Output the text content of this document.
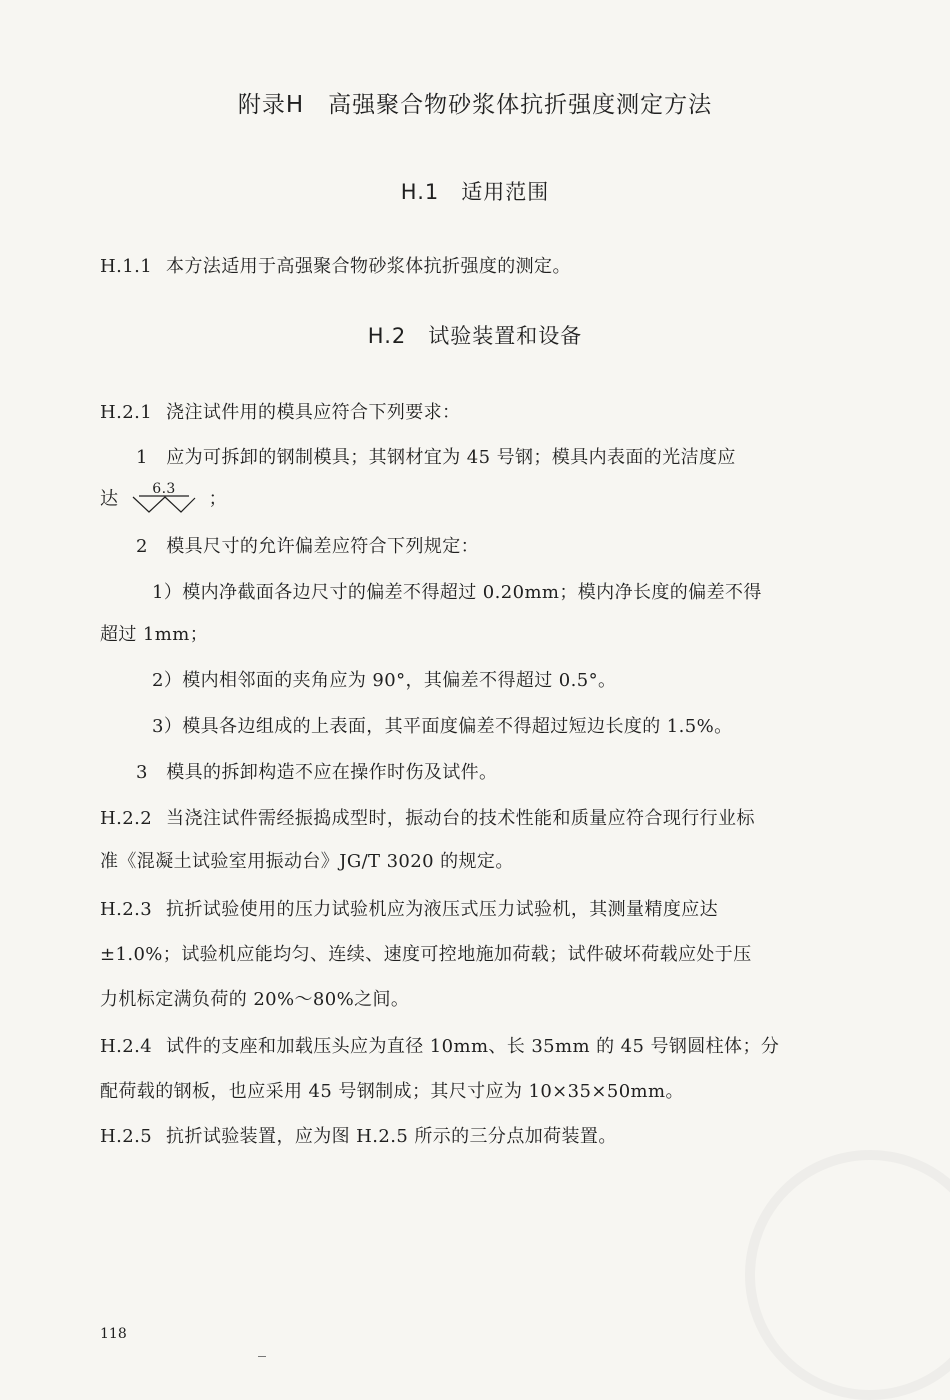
附录H　高强聚合物砂浆体抗折强度测定方法
H.1　适用范围
H.1.1 本方法适用于高强聚合物砂浆体抗折强度的测定。
H.2　试验装置和设备
H.2.1 浇注试件用的模具应符合下列要求：
1　应为可拆卸的钢制模具；其钢材宜为 45 号钢；模具内表面的光洁度应
达 6.3 ；
2　模具尺寸的允许偏差应符合下列规定：
1）模内净截面各边尺寸的偏差不得超过 0.20mm；模内净长度的偏差不得
超过 1mm；
2）模内相邻面的夹角应为 90°，其偏差不得超过 0.5°。
3）模具各边组成的上表面，其平面度偏差不得超过短边长度的 1.5%。
3　模具的拆卸构造不应在操作时伤及试件。
H.2.2 当浇注试件需经振捣成型时，振动台的技术性能和质量应符合现行行业标
准《混凝土试验室用振动台》JG/T 3020 的规定。
H.2.3 抗折试验使用的压力试验机应为液压式压力试验机，其测量精度应达
±1.0%；试验机应能均匀、连续、速度可控地施加荷载；试件破坏荷载应处于压
力机标定满负荷的 20%～80%之间。
H.2.4 试件的支座和加载压头应为直径 10mm、长 35mm 的 45 号钢圆柱体；分
配荷载的钢板，也应采用 45 号钢制成；其尺寸应为 10×35×50mm。
H.2.5 抗折试验装置，应为图 H.2.5 所示的三分点加荷装置。
118
